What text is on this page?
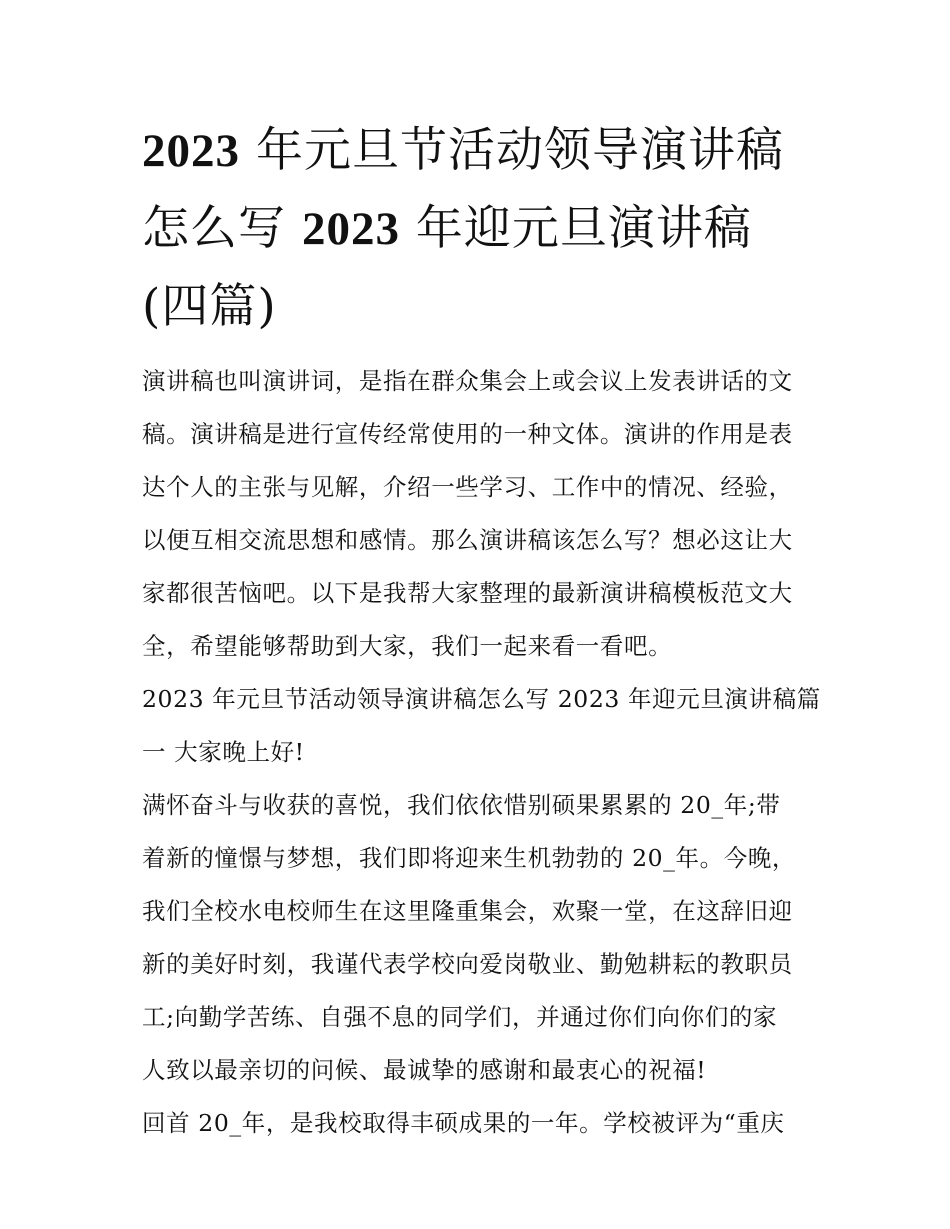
2023 年元旦节活动领导演讲稿
怎么写 2023 年迎元旦演讲稿
(四篇)

演讲稿也叫演讲词，是指在群众集会上或会议上发表讲话的文
稿。演讲稿是进行宣传经常使用的一种文体。演讲的作用是表
达个人的主张与见解，介绍一些学习、工作中的情况、经验，
以便互相交流思想和感情。那么演讲稿该怎么写？想必这让大
家都很苦恼吧。以下是我帮大家整理的最新演讲稿模板范文大
全，希望能够帮助到大家，我们一起来看一看吧。

2023 年元旦节活动领导演讲稿怎么写 2023 年迎元旦演讲稿篇
一 大家晚上好!

满怀奋斗与收获的喜悦，我们依依惜别硕果累累的 20_年;带
着新的憧憬与梦想，我们即将迎来生机勃勃的 20_年。今晚，
我们全校水电校师生在这里隆重集会，欢聚一堂，在这辞旧迎
新的美好时刻，我谨代表学校向爱岗敬业、勤勉耕耘的教职员
工;向勤学苦练、自强不息的同学们，并通过你们向你们的家
人致以最亲切的问候、最诚挚的感谢和最衷心的祝福!

回首 20_年，是我校取得丰硕成果的一年。学校被评为“重庆
